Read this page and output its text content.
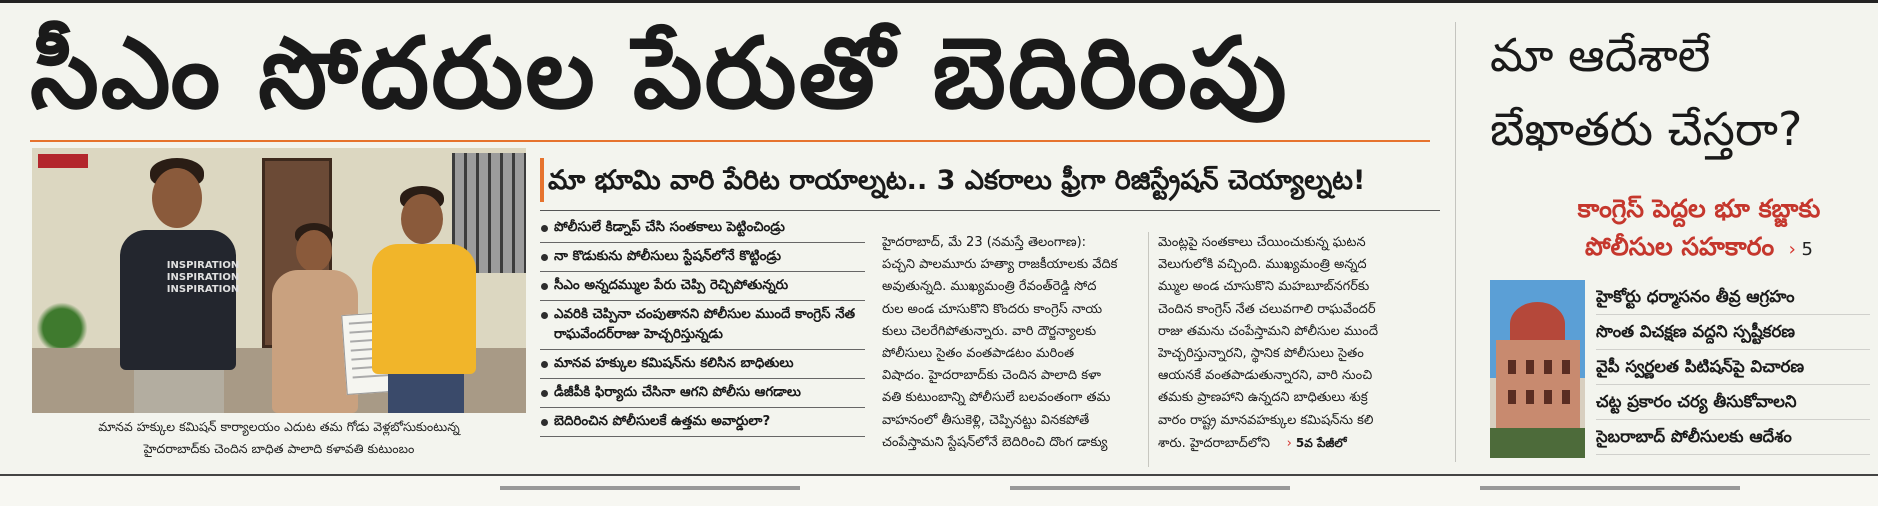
సీఎం సోదరుల పేరుతో బెదిరింపు
INSPIRATION
INSPIRATION
INSPIRATION
మానవ హక్కుల కమిషన్ కార్యాలయం ఎదుట తమ గోడు వెళ్లబోసుకుంటున్న
హైదరాబాద్‌కు చెందిన బాధిత పాలాది కళావతి కుటుంబం
మా భూమి వారి పేరిట రాయాల్నట.. 3 ఎకరాలు ఫ్రీగా రిజిస్ట్రేషన్ చెయ్యాల్నట!
పోలీసులే కిడ్నాప్ చేసి సంతకాలు పెట్టించిండ్రు
నా కొడుకును పోలీసులు స్టేషన్‌లోనే కొట్టిండ్రు
సీఎం అన్నదమ్ముల పేరు చెప్పి రెచ్చిపోతున్నరు
ఎవరికి చెప్పినా చంపుతానని పోలీసుల ముందే కాంగ్రెస్ నేత రాఘవేందర్‌రాజు హెచ్చరిస్తున్నడు
మానవ హక్కుల కమిషన్‌ను కలిసిన బాధితులు
డీజీపీకి ఫిర్యాదు చేసినా ఆగని పోలీసు ఆగడాలు
బెదిరించిన పోలీసులకే ఉత్తమ అవార్డులా?
హైదరాబాద్, మే 23 (నమస్తే తెలంగాణ):
పచ్చని పాలమూరు హత్యా రాజకీయాలకు వేదిక
అవుతున్నది. ముఖ్యమంత్రి రేవంత్‌రెడ్డి సోద
రుల అండ చూసుకొని కొందరు కాంగ్రెస్ నాయ
కులు చెలరేగిపోతున్నారు. వారి దౌర్జన్యాలకు
పోలీసులు సైతం వంతపాడటం మరింత
విషాదం. హైదరాబాద్‌కు చెందిన పాలాది కళా
వతి కుటుంబాన్ని పోలీసులే బలవంతంగా తమ
వాహనంలో తీసుకెళ్లి, చెప్పినట్టు వినకపోతే
చంపేస్తామని స్టేషన్‌లోనే బెదిరించి దొంగ డాక్యు
మెంట్లపై సంతకాలు చేయించుకున్న ఘటన
వెలుగులోకి వచ్చింది. ముఖ్యమంత్రి అన్నద
మ్ముల అండ చూసుకొని మహబూబ్‌నగర్‌కు
చెందిన కాంగ్రెస్ నేత చలువగాలి రాఘవేందర్
రాజు తమను చంపేస్తామని పోలీసుల ముందే
హెచ్చరిస్తున్నారని, స్థానిక పోలీసులు సైతం
ఆయనకే వంతపాడుతున్నారని, వారి నుంచి
తమకు ప్రాణహాని ఉన్నదని బాధితులు శుక్ర
వారం రాష్ట్ర మానవహక్కుల కమిషన్‌ను కలి
శారు. హైదరాబాద్‌లోని › 5వ పేజీలో
మా ఆదేశాలే
బేఖాతరు చేస్తరా?
కాంగ్రెస్ పెద్దల భూ కబ్జాకు
పోలీసుల సహకారం › 5
హైకోర్టు ధర్మాసనం తీవ్ర ఆగ్రహం
సొంత విచక్షణ వద్దని స్పష్టీకరణ
వైపీ స్వర్ణలత పిటిషన్‌పై విచారణ
చట్ట ప్రకారం చర్య తీసుకోవాలని
సైబరాబాద్ పోలీసులకు ఆదేశం
